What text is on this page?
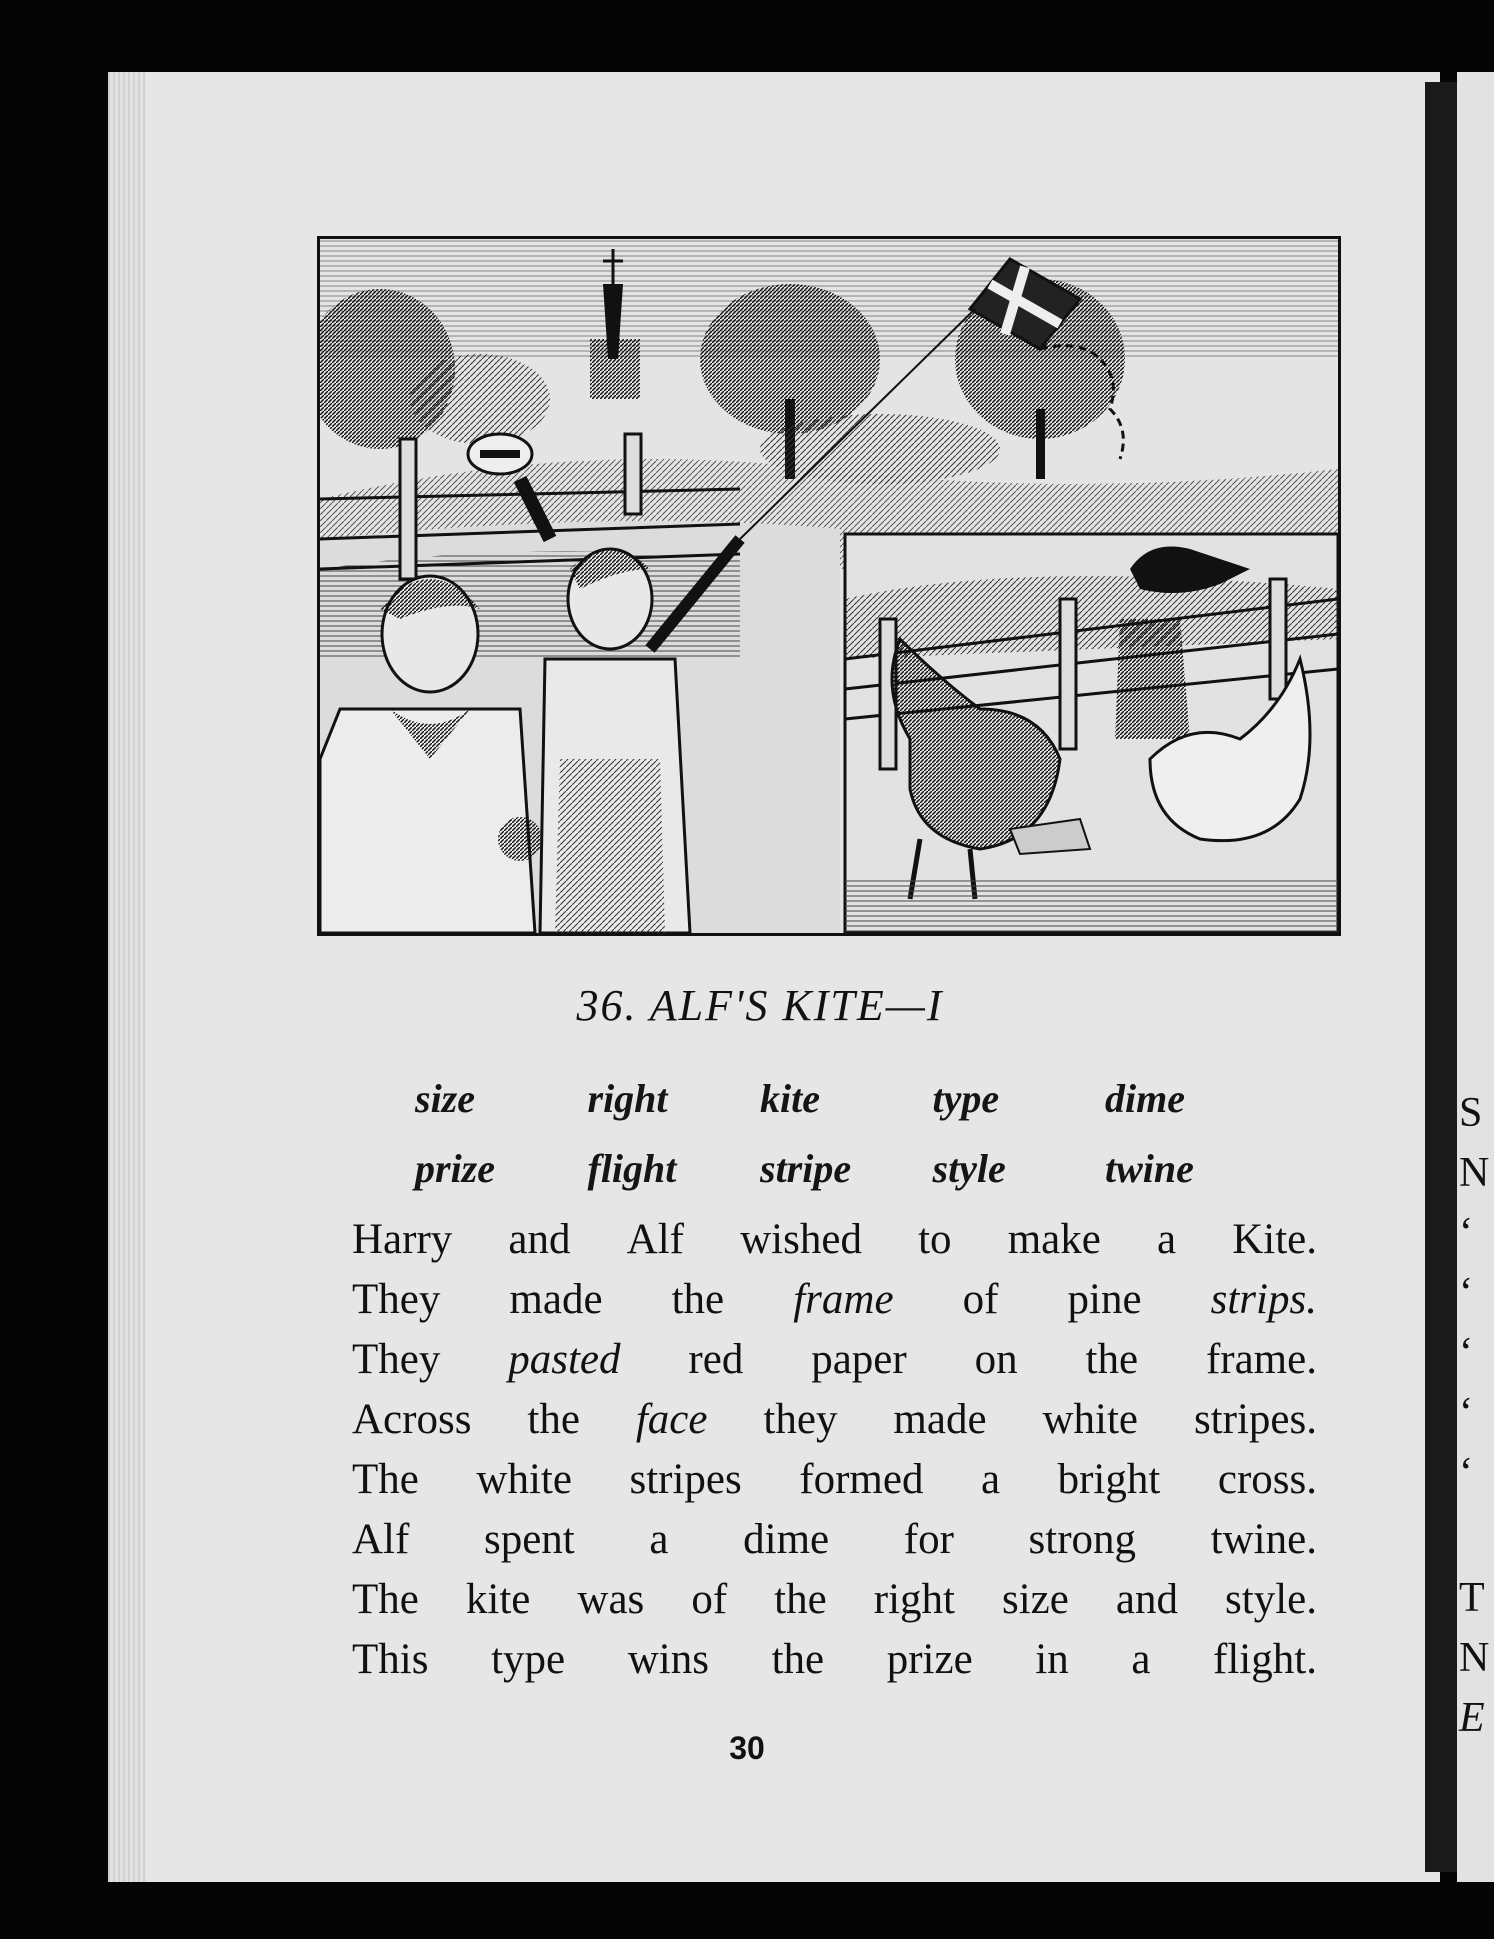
S
N
‘
‘
‘
‘
‘
T
N
E
36. ALF'S KITE—I
size	right	kite	type	dime
prize	flight	stripe	style	twine
Harry and Alf wished to make a Kite.
They made the frame of pine strips.
They pasted red paper on the frame.
Across the face they made white stripes.
The white stripes formed a bright cross.
Alf spent a dime for strong twine.
The kite was of the right size and style.
This type wins the prize in a flight.
30
